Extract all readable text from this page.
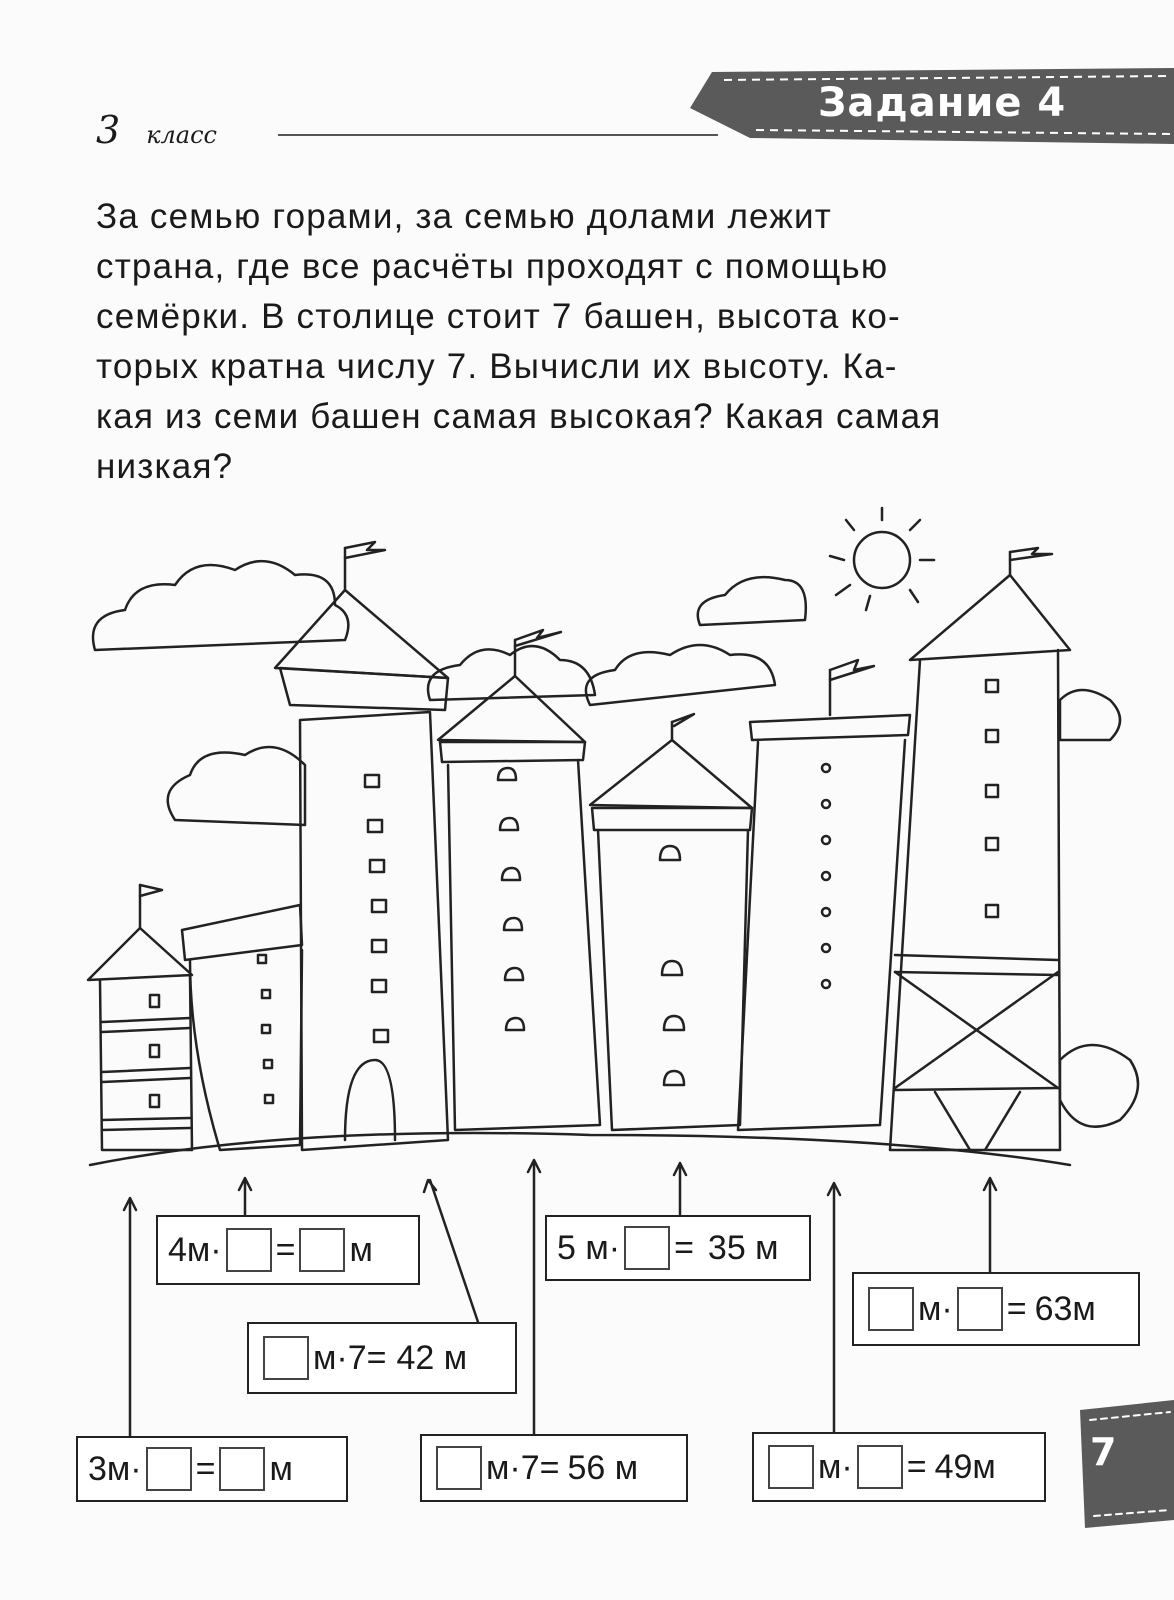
3 класс
Задание 4
За семью горами, за семью долами лежит
страна, где все расчёты проходят с помощью
семёрки. В столице стоит 7 башен, высота ко-
торых кратна числу 7. Вычисли их высоту. Ка-
кая из семи башен самая высокая? Какая самая
низкая?
4м · = м
м · 7 = 42 м
5 м · = 35 м
м · = 63м
3м · = м	м · 7 = 56 м	м · = 49м 7
